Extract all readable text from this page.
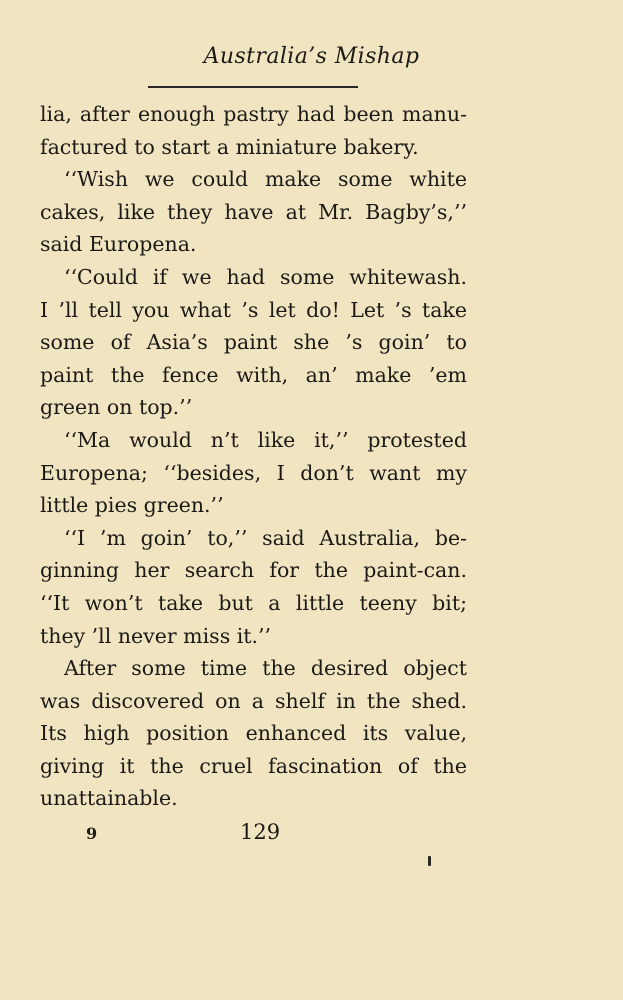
Australia’s Mishap
lia, after enough pastry had been manu-
factured to start a miniature bakery.
‘‘Wish we could make some white
cakes, like they have at Mr. Bagby’s,’’
said Europena.
‘‘Could if we had some whitewash.
I ’ll tell you what ’s let do! Let ’s take
some of Asia’s paint she ’s goin’ to
paint the fence with, an’ make ’em
green on top.’’
‘‘Ma would n’t like it,’’ protested
Europena; ‘‘besides, I don’t want my
little pies green.’’
‘‘I ’m goin’ to,’’ said Australia, be-
ginning her search for the paint-can.
‘‘It won’t take but a little teeny bit;
they ’ll never miss it.’’
After some time the desired object
was discovered on a shelf in the shed.
Its high position enhanced its value,
giving it the cruel fascination of the
unattainable.
9	129
